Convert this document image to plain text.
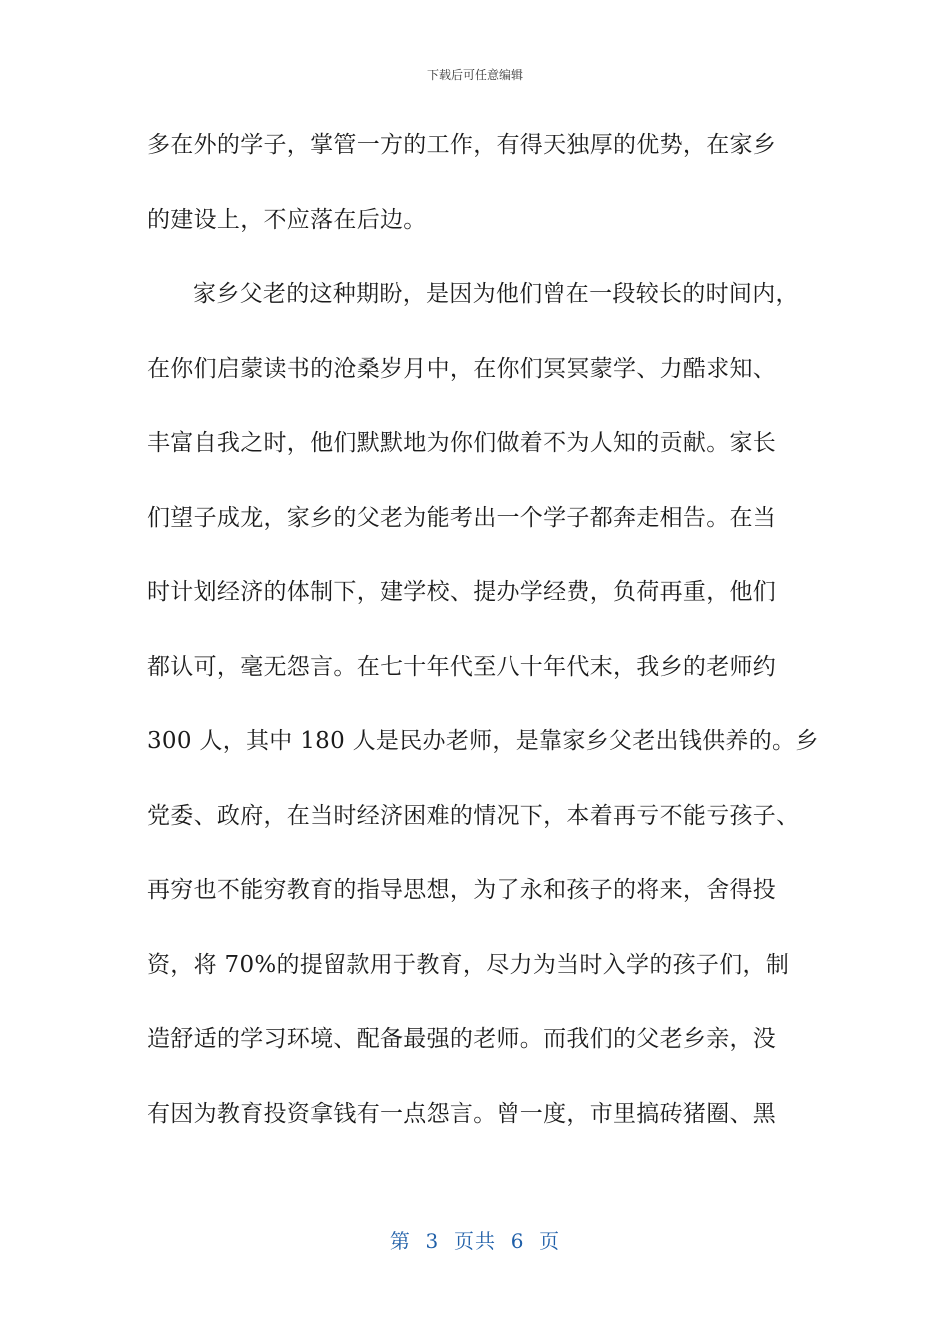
下载后可任意编辑
多在外的学子，掌管一方的工作，有得天独厚的优势，在家乡
的建设上，不应落在后边。
家乡父老的这种期盼，是因为他们曾在一段较长的时间内，
在你们启蒙读书的沧桑岁月中，在你们冥冥蒙学、力酷求知、
丰富自我之时，他们默默地为你们做着不为人知的贡献。家长
们望子成龙，家乡的父老为能考出一个学子都奔走相告。在当
时计划经济的体制下，建学校、提办学经费，负荷再重，他们
都认可，毫无怨言。在七十年代至八十年代末，我乡的老师约
300 人，其中 180 人是民办老师，是靠家乡父老出钱供养的。乡
党委、政府，在当时经济困难的情况下，本着再亏不能亏孩子、
再穷也不能穷教育的指导思想，为了永和孩子的将来，舍得投
资，将 70%的提留款用于教育，尽力为当时入学的孩子们，制
造舒适的学习环境、配备最强的老师。而我们的父老乡亲，没
有因为教育投资拿钱有一点怨言。曾一度，市里搞砖猪圈、黑
第  3  页共  6  页
